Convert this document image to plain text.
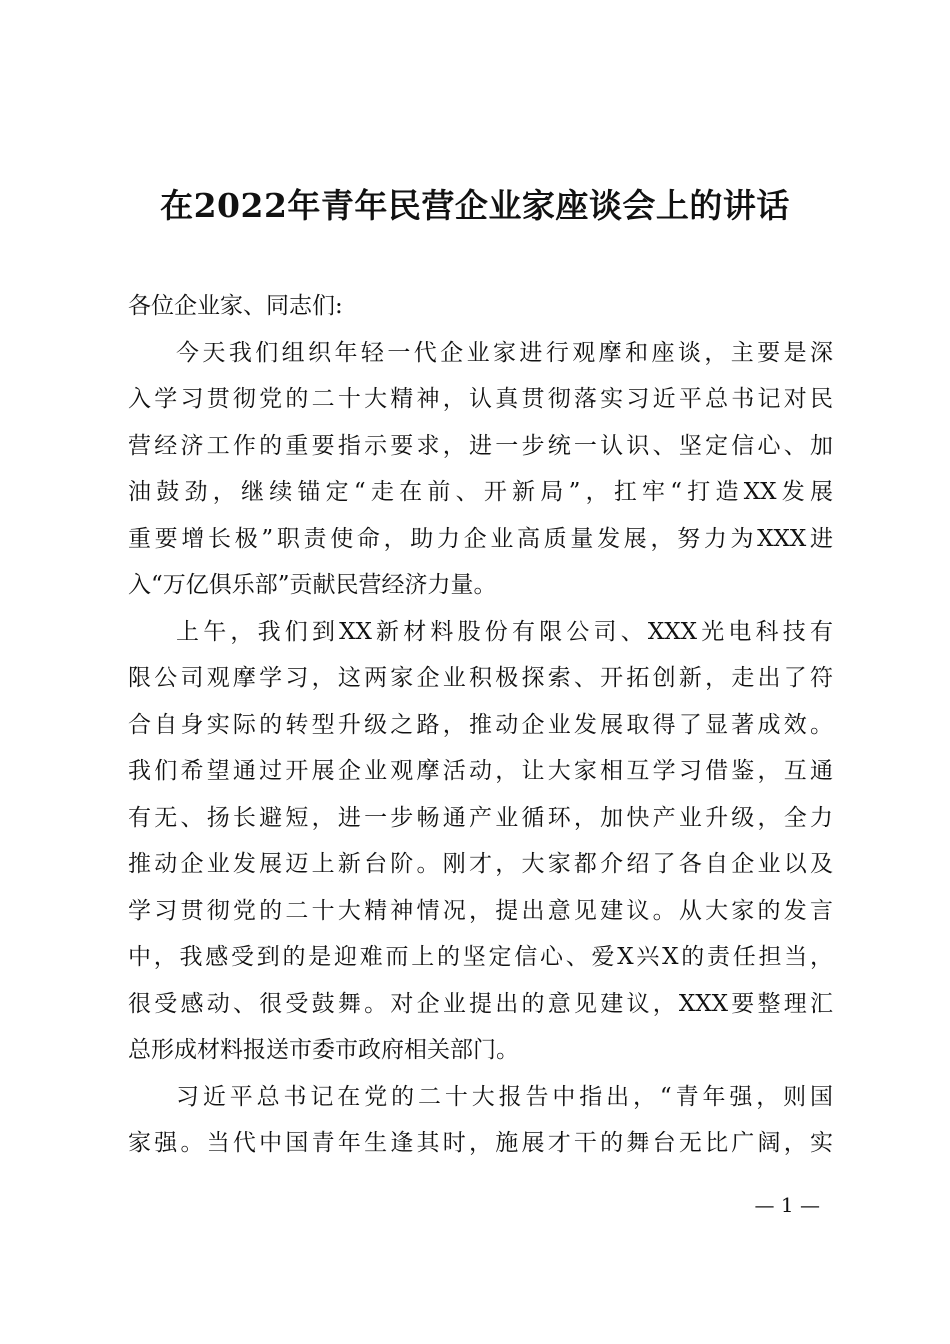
在2022年青年民营企业家座谈会上的讲话
各位企业家、同志们:
今天我们组织年轻一代企业家进行观摩和座谈，主要是深
入学习贯彻党的二十大精神，认真贯彻落实习近平总书记对民
营经济工作的重要指示要求，进一步统一认识、坚定信心、加
油鼓劲，继续锚定“走在前、开新局”，扛牢“打造XX发展
重要增长极”职责使命，助力企业高质量发展，努力为XXX进
入“万亿俱乐部”贡献民营经济力量。
上午，我们到XX新材料股份有限公司、XXX光电科技有
限公司观摩学习，这两家企业积极探索、开拓创新，走出了符
合自身实际的转型升级之路，推动企业发展取得了显著成效。
我们希望通过开展企业观摩活动，让大家相互学习借鉴，互通
有无、扬长避短，进一步畅通产业循环，加快产业升级，全力
推动企业发展迈上新台阶。刚才，大家都介绍了各自企业以及
学习贯彻党的二十大精神情况，提出意见建议。从大家的发言
中，我感受到的是迎难而上的坚定信心、爱X兴X的责任担当，
很受感动、很受鼓舞。对企业提出的意见建议，XXX要整理汇
总形成材料报送市委市政府相关部门。
习近平总书记在党的二十大报告中指出，“青年强，则国
家强。当代中国青年生逢其时，施展才干的舞台无比广阔，实
— 1 —
